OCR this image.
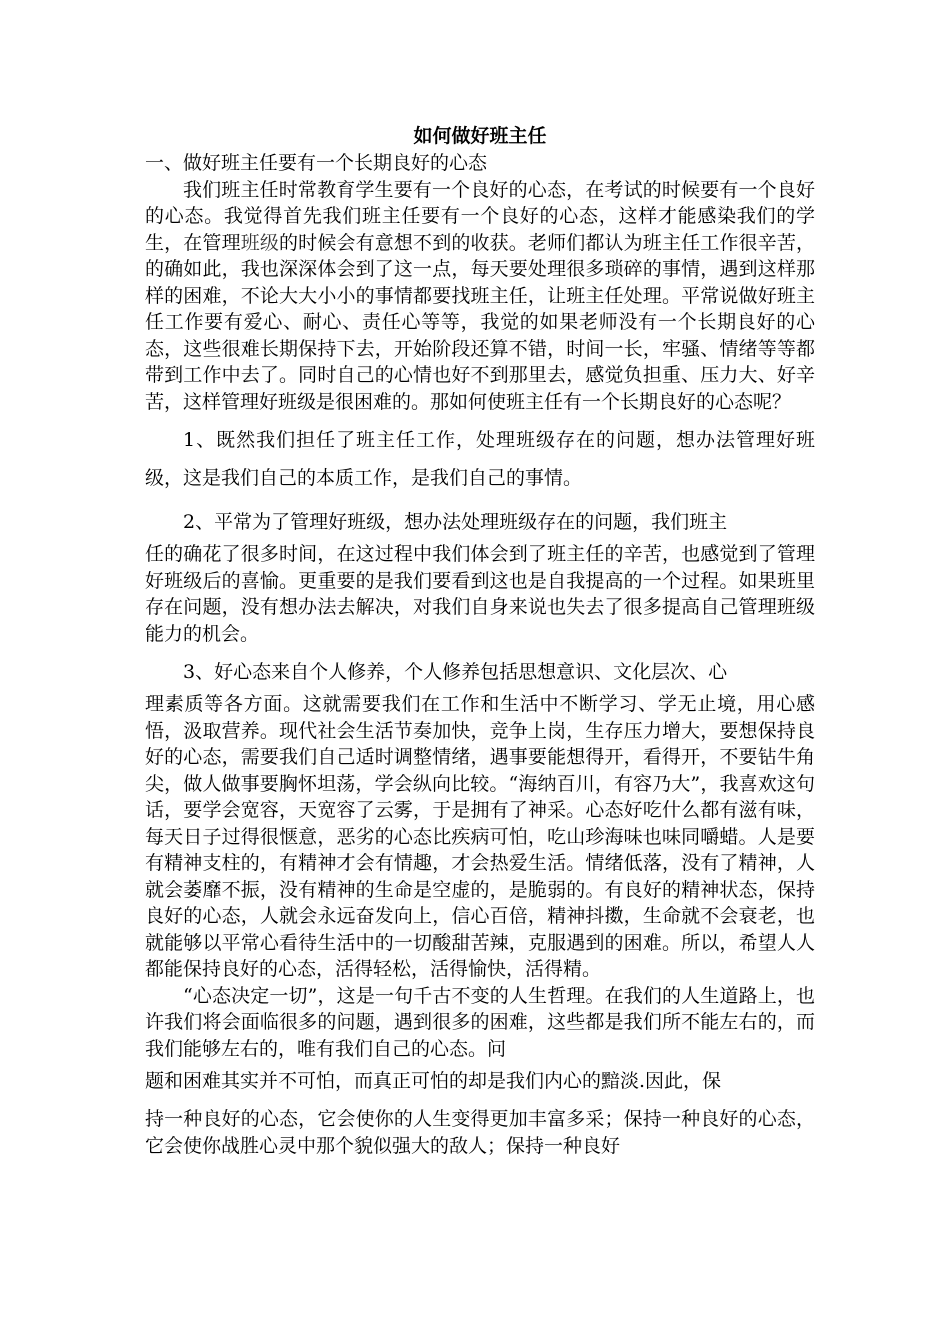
如何做好班主任

一、做好班主任要有一个长期良好的心态

我们班主任时常教育学生要有一个良好的心态，在考试的时候要有一个良好的心态。我觉得首先我们班主任要有一个良好的心态，这样才能感染我们的学生，在管理班级的时候会有意想不到的收获。老师们都认为班主任工作很辛苦，的确如此，我也深深体会到了这一点，每天要处理很多琐碎的事情，遇到这样那样的困难，不论大大小小的事情都要找班主任，让班主任处理。平常说做好班主任工作要有爱心、耐心、责任心等等，我觉的如果老师没有一个长期良好的心态，这些很难长期保持下去，开始阶段还算不错，时间一长，牢骚、情绪等等都带到工作中去了。同时自己的心情也好不到那里去，感觉负担重、压力大、好辛苦，这样管理好班级是很困难的。那如何使班主任有一个长期良好的心态呢？

1、既然我们担任了班主任工作，处理班级存在的问题，想办法管理好班级，这是我们自己的本质工作，是我们自己的事情。

2、平常为了管理好班级，想办法处理班级存在的问题，我们班主

任的确花了很多时间，在这过程中我们体会到了班主任的辛苦，也感觉到了管理好班级后的喜愉。更重要的是我们要看到这也是自我提高的一个过程。如果班里存在问题，没有想办法去解决，对我们自身来说也失去了很多提高自己管理班级能力的机会。

3、好心态来自个人修养，个人修养包括思想意识、文化层次、心

理素质等各方面。这就需要我们在工作和生活中不断学习、学无止境，用心感悟，汲取营养。现代社会生活节奏加快，竞争上岗，生存压力增大，要想保持良好的心态，需要我们自己适时调整情绪，遇事要能想得开，看得开，不要钻牛角尖，做人做事要胸怀坦荡，学会纵向比较。“海纳百川，有容乃大”，我喜欢这句话，要学会宽容，天宽容了云雾，于是拥有了神采。心态好吃什么都有滋有味，每天日子过得很惬意，恶劣的心态比疾病可怕，吃山珍海味也味同嚼蜡。人是要有精神支柱的，有精神才会有情趣，才会热爱生活。情绪低落，没有了精神，人就会萎靡不振，没有精神的生命是空虚的，是脆弱的。有良好的精神状态，保持良好的心态，人就会永远奋发向上，信心百倍，精神抖擞，生命就不会衰老，也就能够以平常心看待生活中的一切酸甜苦辣，克服遇到的困难。所以，希望人人都能保持良好的心态，活得轻松，活得愉快，活得精。

“心态决定一切”，这是一句千古不变的人生哲理。在我们的人生道路上，也许我们将会面临很多的问题，遇到很多的困难，这些都是我们所不能左右的，而我们能够左右的，唯有我们自己的心态。问

题和困难其实并不可怕，而真正可怕的却是我们内心的黯淡.因此，保

持一种良好的心态，它会使你的人生变得更加丰富多采；保持一种良好的心态，它会使你战胜心灵中那个貌似强大的敌人；保持一种良好
